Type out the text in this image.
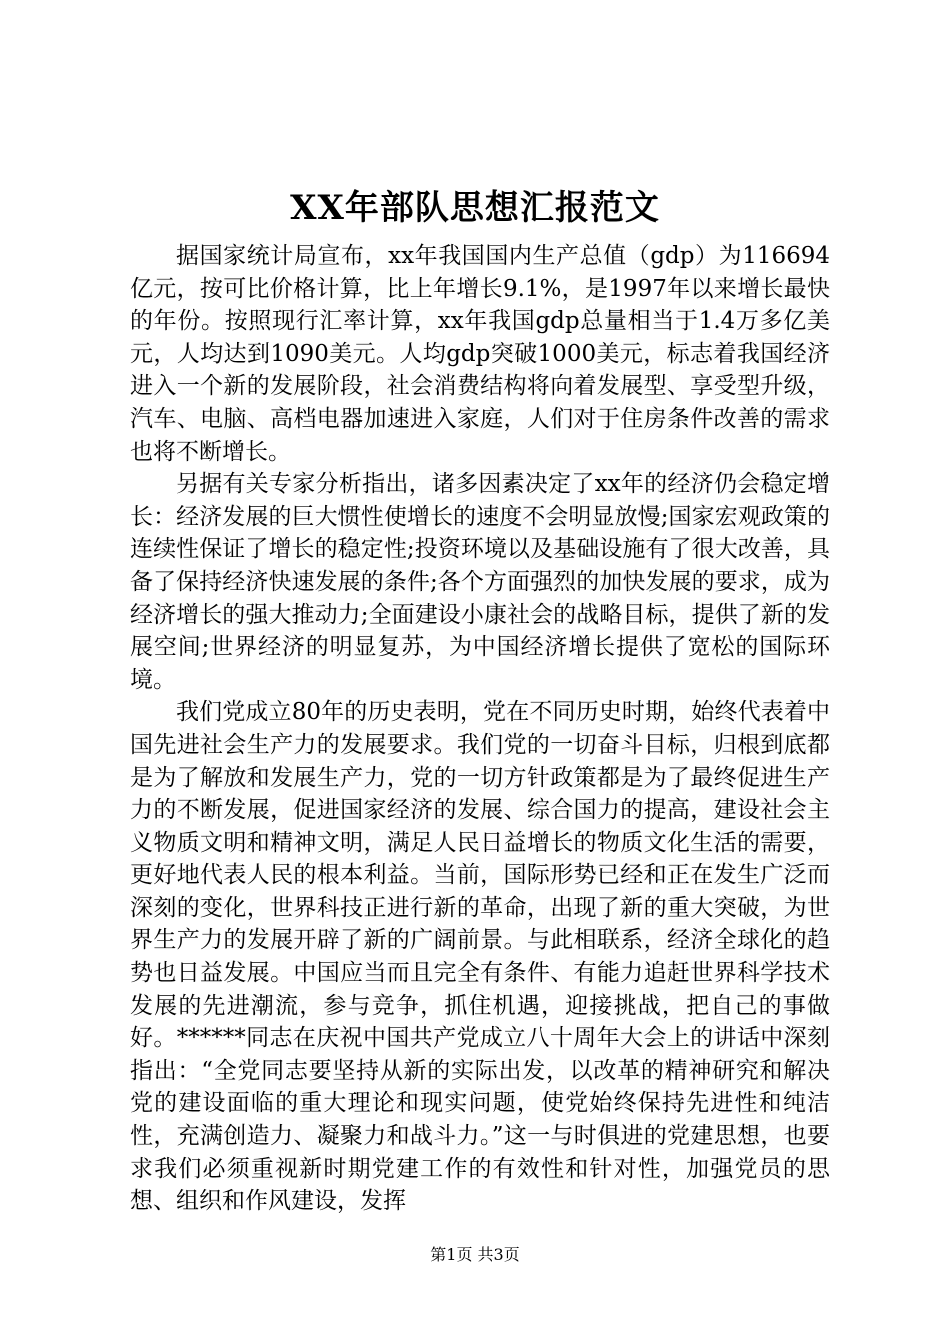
XX年部队思想汇报范文

据国家统计局宣布，xx年我国国内生产总值（gdp）为116694亿元，按可比价格计算，比上年增长9.1%，是1997年以来增长最快的年份。按照现行汇率计算，xx年我国gdp总量相当于1.4万多亿美元，人均达到1090美元。人均gdp突破1000美元，标志着我国经济进入一个新的发展阶段，社会消费结构将向着发展型、享受型升级，汽车、电脑、高档电器加速进入家庭，人们对于住房条件改善的需求也将不断增长。

另据有关专家分析指出，诸多因素决定了xx年的经济仍会稳定增长：经济发展的巨大惯性使增长的速度不会明显放慢;国家宏观政策的连续性保证了增长的稳定性;投资环境以及基础设施有了很大改善，具备了保持经济快速发展的条件;各个方面强烈的加快发展的要求，成为经济增长的强大推动力;全面建设小康社会的战略目标，提供了新的发展空间;世界经济的明显复苏，为中国经济增长提供了宽松的国际环境。

我们党成立80年的历史表明，党在不同历史时期，始终代表着中国先进社会生产力的发展要求。我们党的一切奋斗目标，归根到底都是为了解放和发展生产力，党的一切方针政策都是为了最终促进生产力的不断发展，促进国家经济的发展、综合国力的提高，建设社会主义物质文明和精神文明，满足人民日益增长的物质文化生活的需要，更好地代表人民的根本利益。当前，国际形势已经和正在发生广泛而深刻的变化，世界科技正进行新的革命，出现了新的重大突破，为世界生产力的发展开辟了新的广阔前景。与此相联系，经济全球化的趋势也日益发展。中国应当而且完全有条件、有能力追赶世界科学技术发展的先进潮流，参与竞争，抓住机遇，迎接挑战，把自己的事做好。******同志在庆祝中国共产党成立八十周年大会上的讲话中深刻指出：“全党同志要坚持从新的实际出发，以改革的精神研究和解决党的建设面临的重大理论和现实问题，使党始终保持先进性和纯洁性，充满创造力、凝聚力和战斗力。”这一与时俱进的党建思想，也要求我们必须重视新时期党建工作的有效性和针对性，加强党员的思想、组织和作风建设，发挥

第1页 共3页
